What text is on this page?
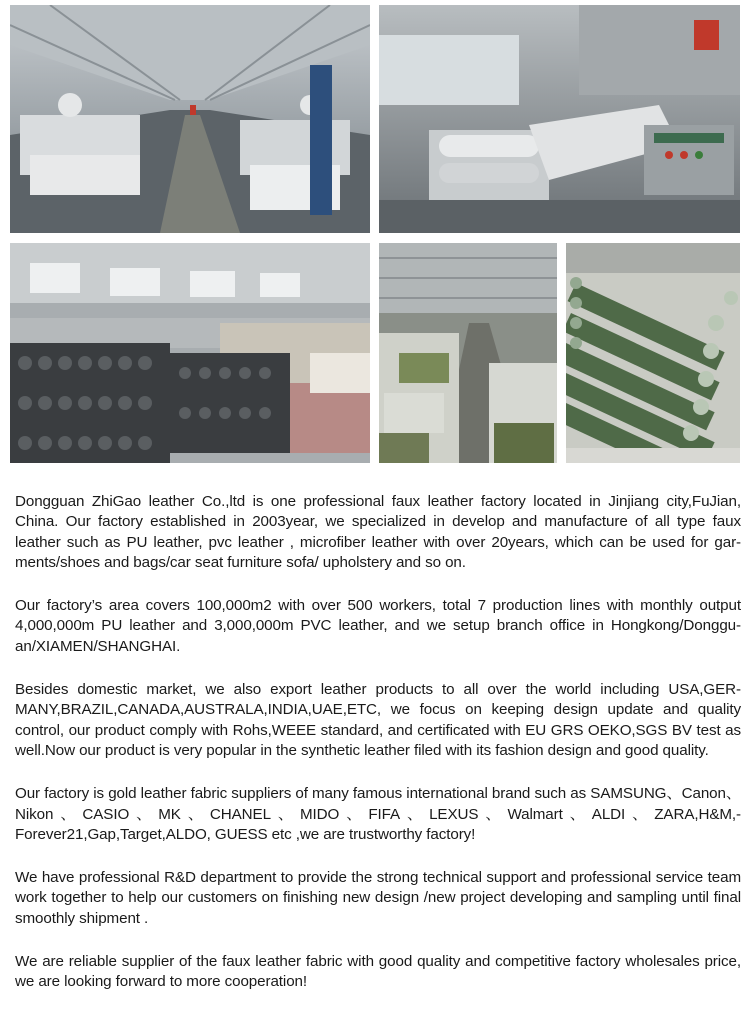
Dongguan ZhiGao leather Co.,ltd is one professional faux leather factory located in Jinjiang city,FuJian, China. Our factory established in 2003year, we specialized in develop and manufacture of all type faux leather such as PU leather, pvc leather , microfiber leather with over 20years, which can be used for gar-ments/shoes and bags/car seat furniture sofa/ upholstery and so on.

Our factory’s area covers 100,000m2 with over 500 workers, total 7 production lines with monthly output 4,000,000m PU leather and 3,000,000m PVC leather, and we setup branch office in Hongkong/Donggu-an/XIAMEN/SHANGHAI.

Besides domestic market, we also export leather products to all over the world including USA,GER-MANY,BRAZIL,CANADA,AUSTRALA,INDIA,UAE,ETC, we focus on keeping design update and quality control, our product comply with Rohs,WEEE standard, and certificated with EU GRS OEKO,SGS BV test as well.Now our product is very popular in the synthetic leather filed with its fashion design and good quality.

Our factory is gold leather fabric suppliers of many famous international brand such as SAMSUNG、Canon、Nikon、CASIO、MK、CHANEL、MIDO、FIFA、LEXUS、Walmart、ALDI、ZARA,H&M,-Forever21,Gap,Target,ALDO, GUESS etc ,we are trustworthy factory!

We have professional R&D department to provide the strong technical support and professional service team work together to help our customers on finishing new design /new project developing and sampling until final smoothly shipment .

We are reliable supplier of the faux leather fabric with good quality and competitive factory wholesales price, we are looking forward to more cooperation!
